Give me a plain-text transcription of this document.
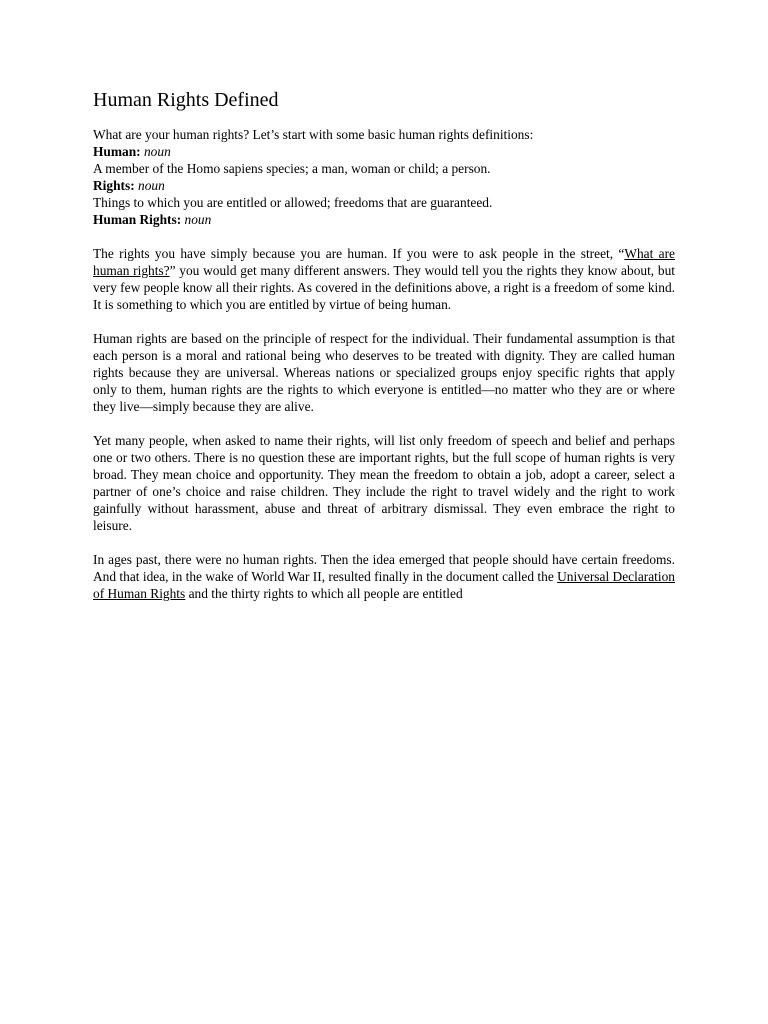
Human Rights Defined

What are your human rights? Let’s start with some basic human rights definitions:

Human: noun

A member of the Homo sapiens species; a man, woman or child; a person.

Rights: noun

Things to which you are entitled or allowed; freedoms that are guaranteed.

Human Rights: noun

The rights you have simply because you are human. If you were to ask people in the street, “What are human rights?” you would get many different answers. They would tell you the rights they know about, but very few people know all their rights. As covered in the definitions above, a right is a freedom of some kind. It is something to which you are entitled by virtue of being human.

Human rights are based on the principle of respect for the individual. Their fundamental assumption is that each person is a moral and rational being who deserves to be treated with dignity. They are called human rights because they are universal. Whereas nations or specialized groups enjoy specific rights that apply only to them, human rights are the rights to which everyone is entitled—no matter who they are or where they live—simply because they are alive.

Yet many people, when asked to name their rights, will list only freedom of speech and belief and perhaps one or two others. There is no question these are important rights, but the full scope of human rights is very broad. They mean choice and opportunity. They mean the freedom to obtain a job, adopt a career, select a partner of one’s choice and raise children. They include the right to travel widely and the right to work gainfully without harassment, abuse and threat of arbitrary dismissal. They even embrace the right to leisure.

In ages past, there were no human rights. Then the idea emerged that people should have certain freedoms. And that idea, in the wake of World War II, resulted finally in the document called the Universal Declaration of Human Rights and the thirty rights to which all people are entitled
